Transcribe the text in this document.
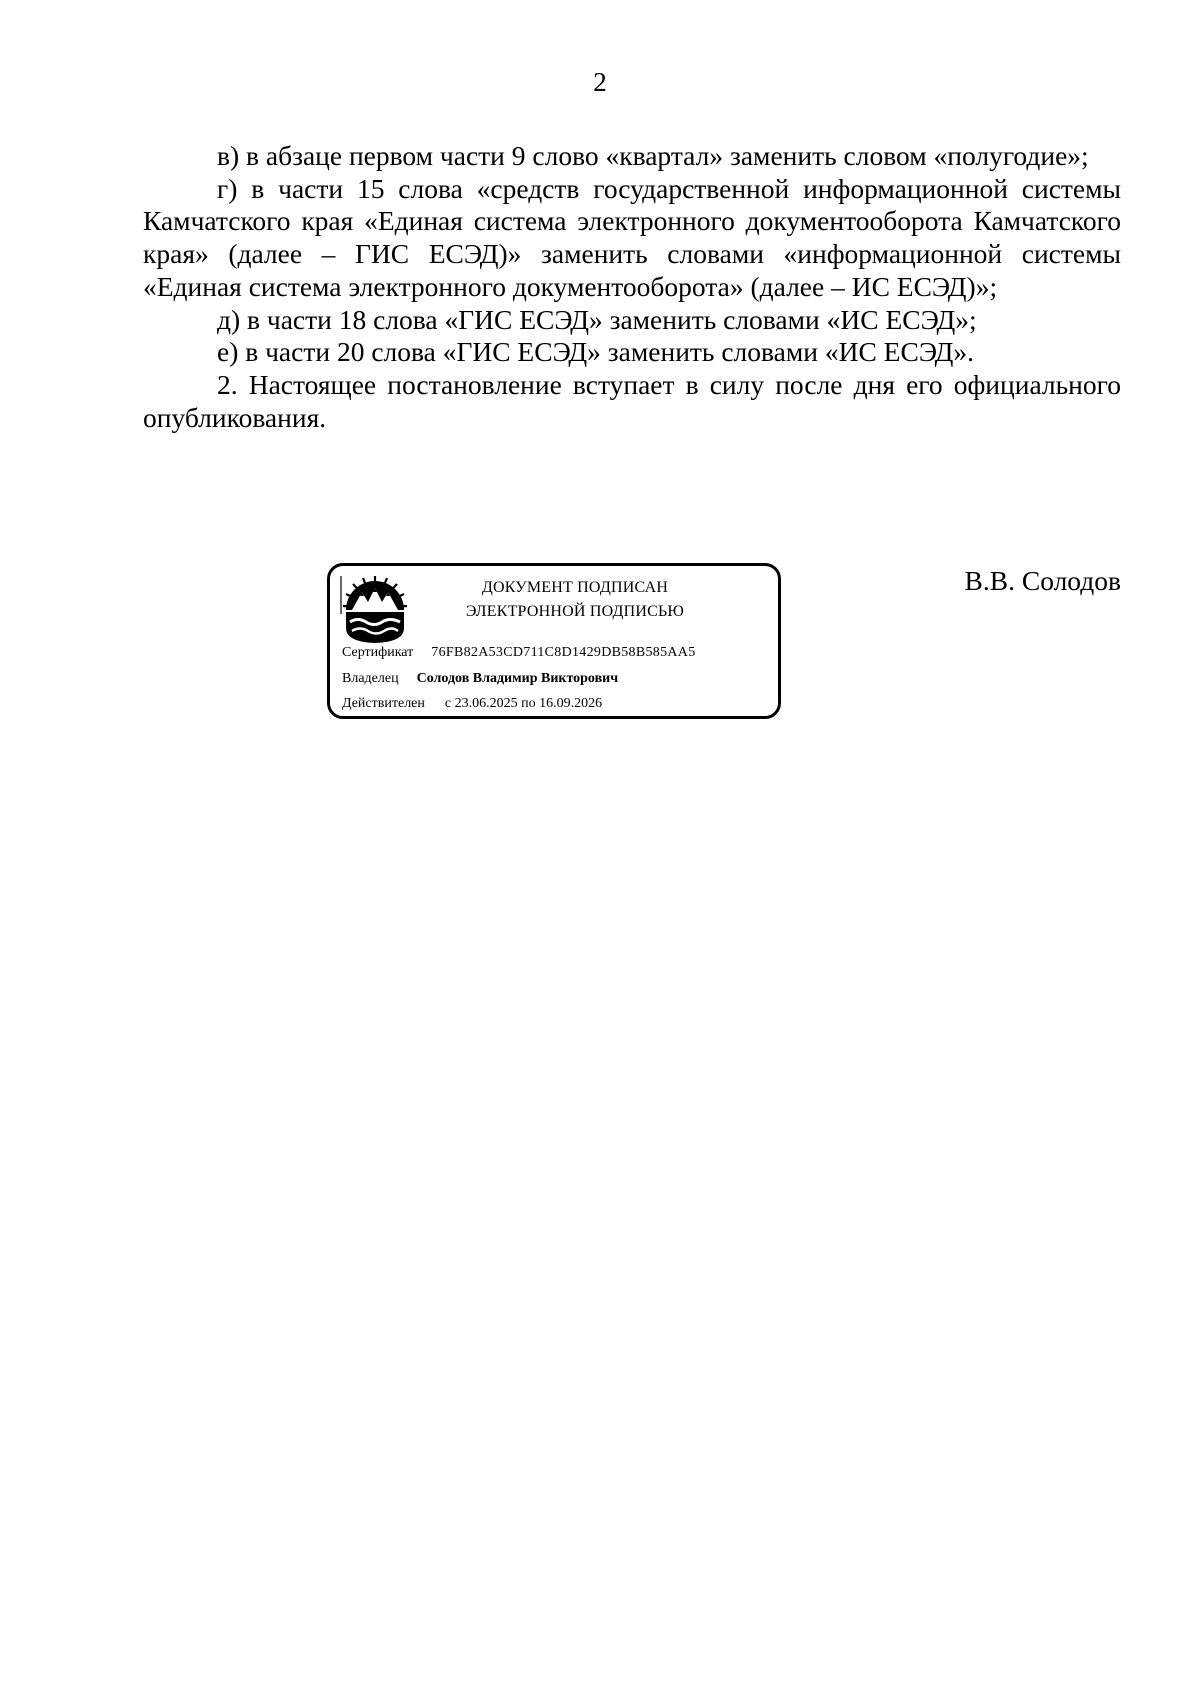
2

в) в абзаце первом части 9 слово «квартал» заменить словом «полугодие»;

г) в части 15 слова «средств государственной информационной системы Камчатского края «Единая система электронного документооборота Камчатского края» (далее – ГИС ЕСЭД)» заменить словами «информационной системы «Единая система электронного документооборота» (далее – ИС ЕСЭД)»;

д) в части 18 слова «ГИС ЕСЭД» заменить словами «ИС ЕСЭД»;

е) в части 20 слова «ГИС ЕСЭД» заменить словами «ИС ЕСЭД».

2. Настоящее постановление вступает в силу после дня его официального опубликования.

В.В. Солодов
ДОКУМЕНТ ПОДПИСАН
ЭЛЕКТРОННОЙ ПОДПИСЬЮ
Сертификат 76FB82A53CD711C8D1429DB58B585AA5
Владелец Солодов Владимир Викторович
Действителен с 23.06.2025 по 16.09.2026
